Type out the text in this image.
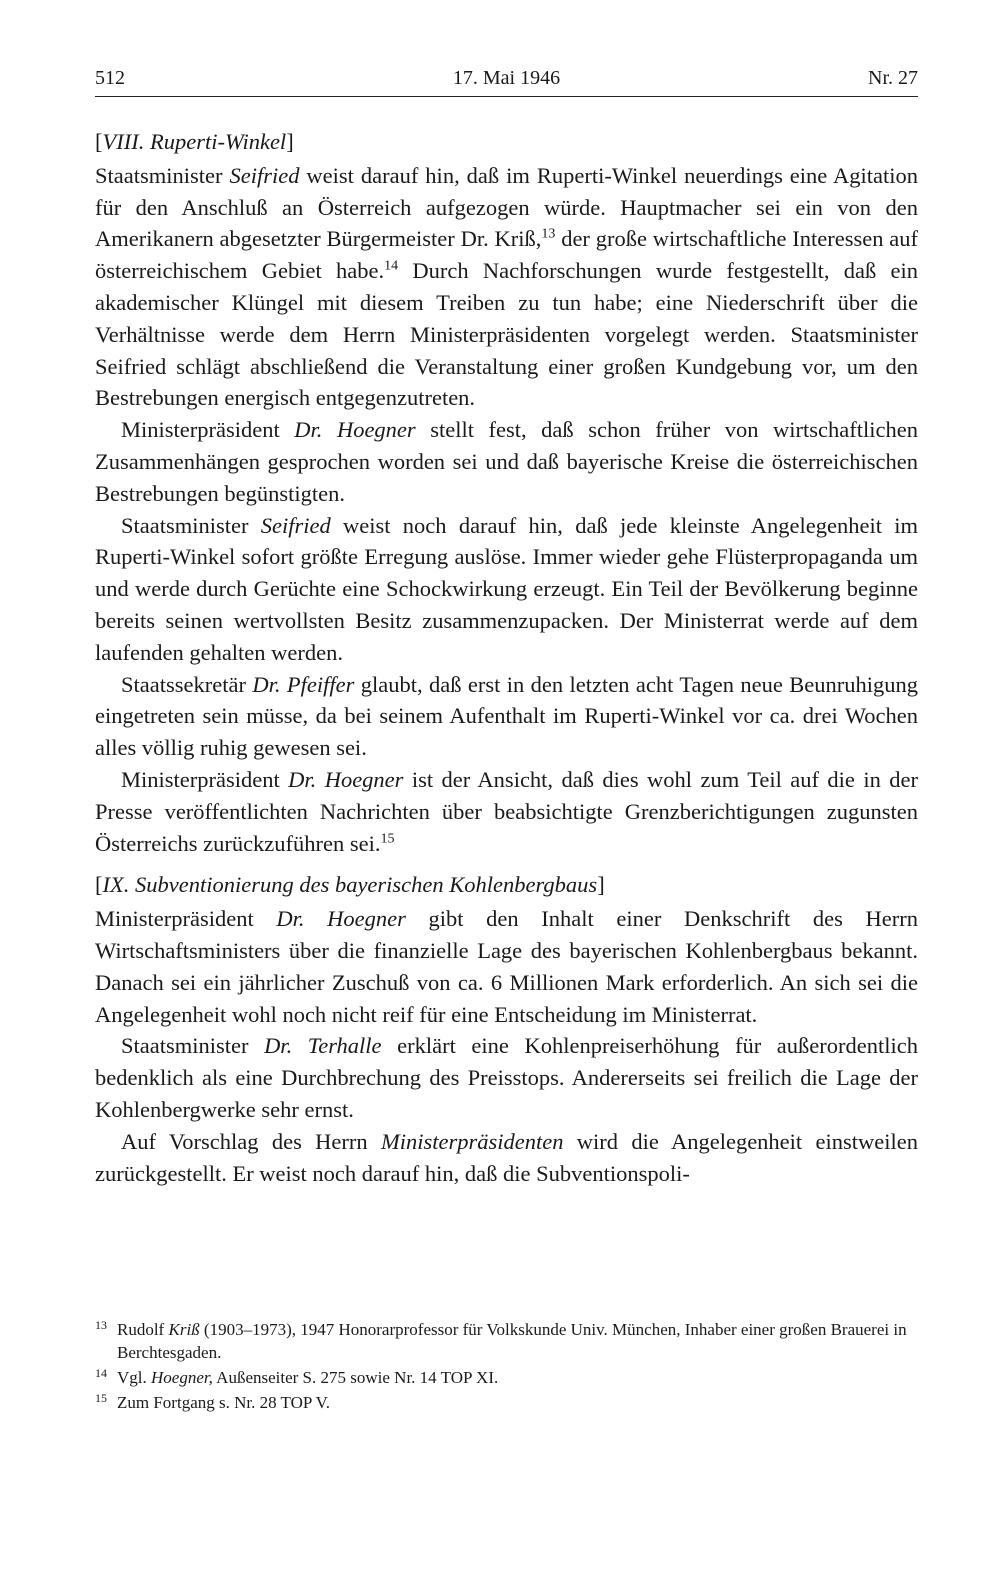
512	17. Mai 1946	Nr. 27

[VIII. Ruperti-Winkel]

Staatsminister Seifried weist darauf hin, daß im Ruperti-Winkel neuerdings eine Agitation für den Anschluß an Österreich aufgezogen würde. Hauptmacher sei ein von den Amerikanern abgesetzter Bürgermeister Dr. Kriß,$^{13}$ der große wirtschaftliche Interessen auf österreichischem Gebiet habe.$^{14}$ Durch Nachforschungen wurde festgestellt, daß ein akademischer Klüngel mit diesem Treiben zu tun habe; eine Niederschrift über die Verhältnisse werde dem Herrn Ministerpräsidenten vorgelegt werden. Staatsminister Seifried schlägt abschließend die Veranstaltung einer großen Kundgebung vor, um den Bestrebungen energisch entgegenzutreten.

Ministerpräsident Dr. Hoegner stellt fest, daß schon früher von wirtschaftlichen Zusammenhängen gesprochen worden sei und daß bayerische Kreise die österreichischen Bestrebungen begünstigten.

Staatsminister Seifried weist noch darauf hin, daß jede kleinste Angelegenheit im Ruperti-Winkel sofort größte Erregung auslöse. Immer wieder gehe Flüsterpropaganda um und werde durch Gerüchte eine Schockwirkung erzeugt. Ein Teil der Bevölkerung beginne bereits seinen wertvollsten Besitz zusammenzupacken. Der Ministerrat werde auf dem laufenden gehalten werden.

Staatssekretär Dr. Pfeiffer glaubt, daß erst in den letzten acht Tagen neue Beunruhigung eingetreten sein müsse, da bei seinem Aufenthalt im Ruperti-Winkel vor ca. drei Wochen alles völlig ruhig gewesen sei.

Ministerpräsident Dr. Hoegner ist der Ansicht, daß dies wohl zum Teil auf die in der Presse veröffentlichten Nachrichten über beabsichtigte Grenzberichtigungen zugunsten Österreichs zurückzuführen sei.$^{15}$

[IX. Subventionierung des bayerischen Kohlenbergbaus]

Ministerpräsident Dr. Hoegner gibt den Inhalt einer Denkschrift des Herrn Wirtschaftsministers über die finanzielle Lage des bayerischen Kohlenbergbaus bekannt. Danach sei ein jährlicher Zuschuß von ca. 6 Millionen Mark erforderlich. An sich sei die Angelegenheit wohl noch nicht reif für eine Entscheidung im Ministerrat.

Staatsminister Dr. Terhalle erklärt eine Kohlenpreiserhöhung für außerordentlich bedenklich als eine Durchbrechung des Preisstops. Andererseits sei freilich die Lage der Kohlenbergwerke sehr ernst.

Auf Vorschlag des Herrn Ministerpräsidenten wird die Angelegenheit einstweilen zurückgestellt. Er weist noch darauf hin, daß die Subventionspoli-

13 Rudolf Kriß (1903–1973), 1947 Honorarprofessor für Volkskunde Univ. München, Inhaber einer großen Brauerei in Berchtesgaden.
14 Vgl. Hoegner, Außenseiter S. 275 sowie Nr. 14 TOP XI.
15 Zum Fortgang s. Nr. 28 TOP V.
